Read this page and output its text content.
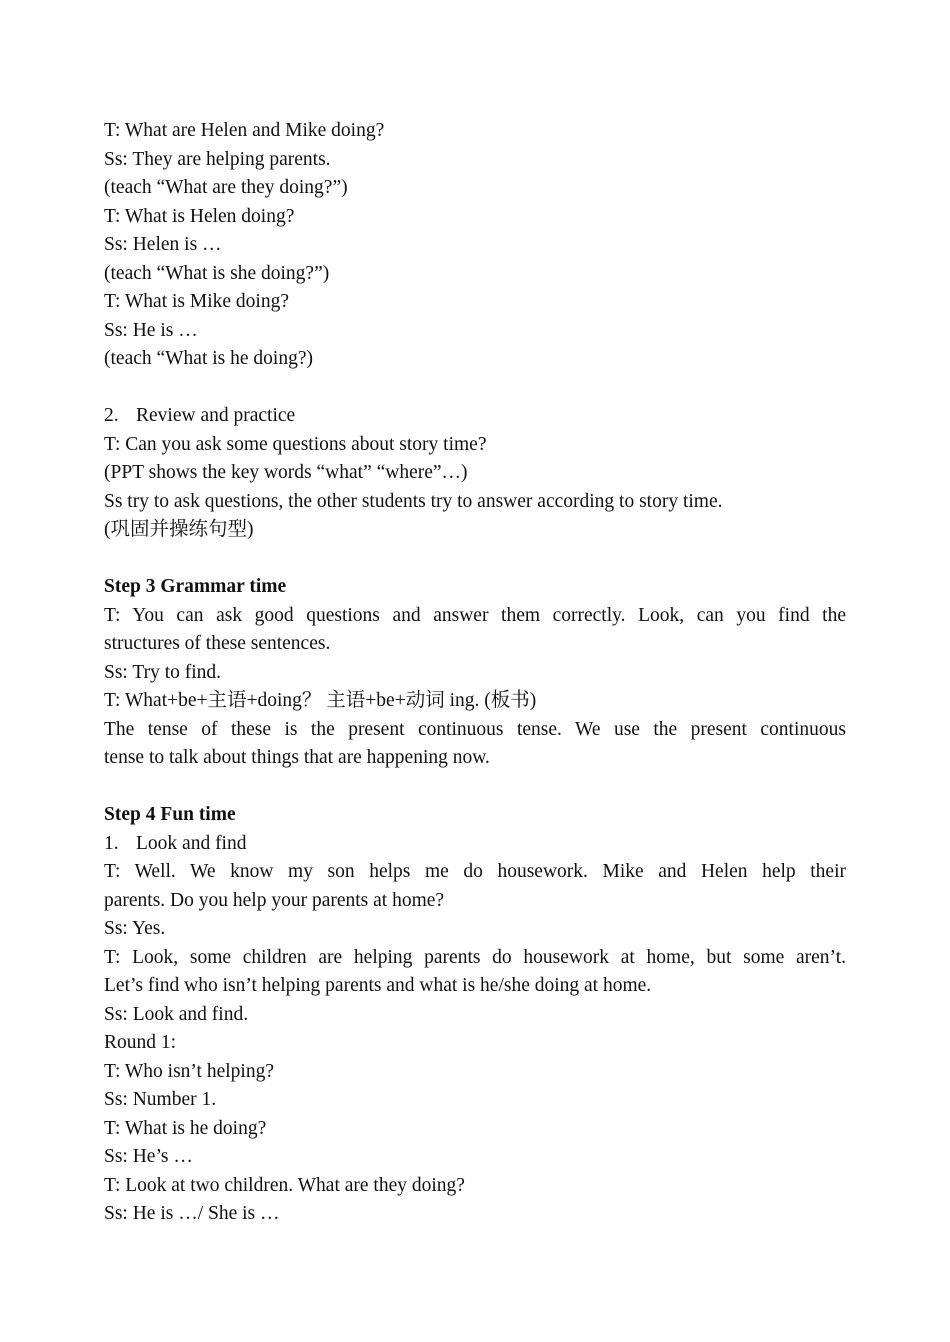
T: What are Helen and Mike doing?
Ss: They are helping parents.
(teach “What are they doing?”)
T: What is Helen doing?
Ss: Helen is …
(teach “What is she doing?”)
T: What is Mike doing?
Ss: He is …
(teach “What is he doing?)
2. Review and practice
T: Can you ask some questions about story time?
(PPT shows the key words “what” “where”…)
Ss try to ask questions, the other students try to answer according to story time.
(巩固并操练句型)
Step 3 Grammar time
T: You can ask good questions and answer them correctly. Look, can you find the
structures of these sentences.
Ss: Try to find.
T: What+be+主语+doing？ 主语+be+动词 ing. (板书)
The tense of these is the present continuous tense. We use the present continuous
tense to talk about things that are happening now.
Step 4 Fun time
1. Look and find
T: Well. We know my son helps me do housework. Mike and Helen help their
parents. Do you help your parents at home?
Ss: Yes.
T: Look, some children are helping parents do housework at home, but some aren’t.
Let’s find who isn’t helping parents and what is he/she doing at home.
Ss: Look and find.
Round 1:
T: Who isn’t helping?
Ss: Number 1.
T: What is he doing?
Ss: He’s …
T: Look at two children. What are they doing?
Ss: He is …/ She is …
